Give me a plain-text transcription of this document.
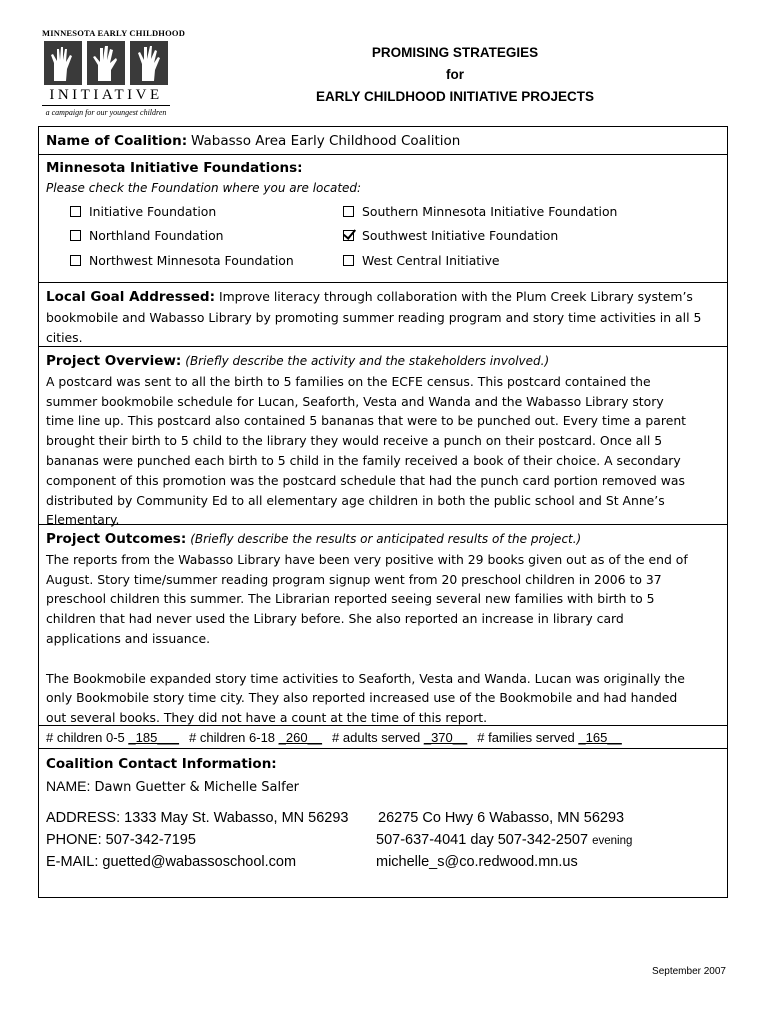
MINNESOTA EARLY CHILDHOOD
INITIATIVE
a campaign for our youngest children
PROMISING STRATEGIES
for
EARLY CHILDHOOD INITIATIVE PROJECTS
Name of Coalition: Wabasso Area Early Childhood Coalition
Minnesota Initiative Foundations:
Please check the Foundation where you are located:
Initiative Foundation
Northland Foundation
Northwest Minnesota Foundation
Southern Minnesota Initiative Foundation
Southwest Initiative Foundation
West Central Initiative
Local Goal Addressed: Improve literacy through collaboration with the Plum Creek Library system’s
bookmobile and Wabasso Library by promoting summer reading program and story time activities in all 5
cities.
Project Overview: (Briefly describe the activity and the stakeholders involved.)
A postcard was sent to all the birth to 5 families on the ECFE census. This postcard contained the
summer bookmobile schedule for Lucan, Seaforth, Vesta and Wanda and the Wabasso Library story
time line up. This postcard also contained 5 bananas that were to be punched out. Every time a parent
brought their birth to 5 child to the library they would receive a punch on their postcard. Once all 5
bananas were punched each birth to 5 child in the family received a book of their choice. A secondary
component of this promotion was the postcard schedule that had the punch card portion removed was
distributed by Community Ed to all elementary age children in both the public school and St Anne’s
Elementary.
Project Outcomes: (Briefly describe the results or anticipated results of the project.)
The reports from the Wabasso Library have been very positive with 29 books given out as of the end of
August. Story time/summer reading program signup went from 20 preschool children in 2006 to 37
preschool children this summer. The Librarian reported seeing several new families with birth to 5
children that had never used the Library before. She also reported an increase in library card
applications and issuance.
The Bookmobile expanded story time activities to Seaforth, Vesta and Wanda. Lucan was originally the
only Bookmobile story time city. They also reported increased use of the Bookmobile and had handed
out several books. They did not have a count at the time of this report.
# children 0-5 _185___ # children 6-18 _260__ # adults served _370__ # families served _165__
Coalition Contact Information:
NAME: Dawn Guetter & Michelle Salfer
ADDRESS: 1333 May St. Wabasso, MN 56293 26275 Co Hwy 6 Wabasso, MN 56293
PHONE: 507-342-7195	507-637-4041 day 507-342-2507 evening
E-MAIL: guetted@wabassoschool.com	michelle_s@co.redwood.mn.us
September 2007
